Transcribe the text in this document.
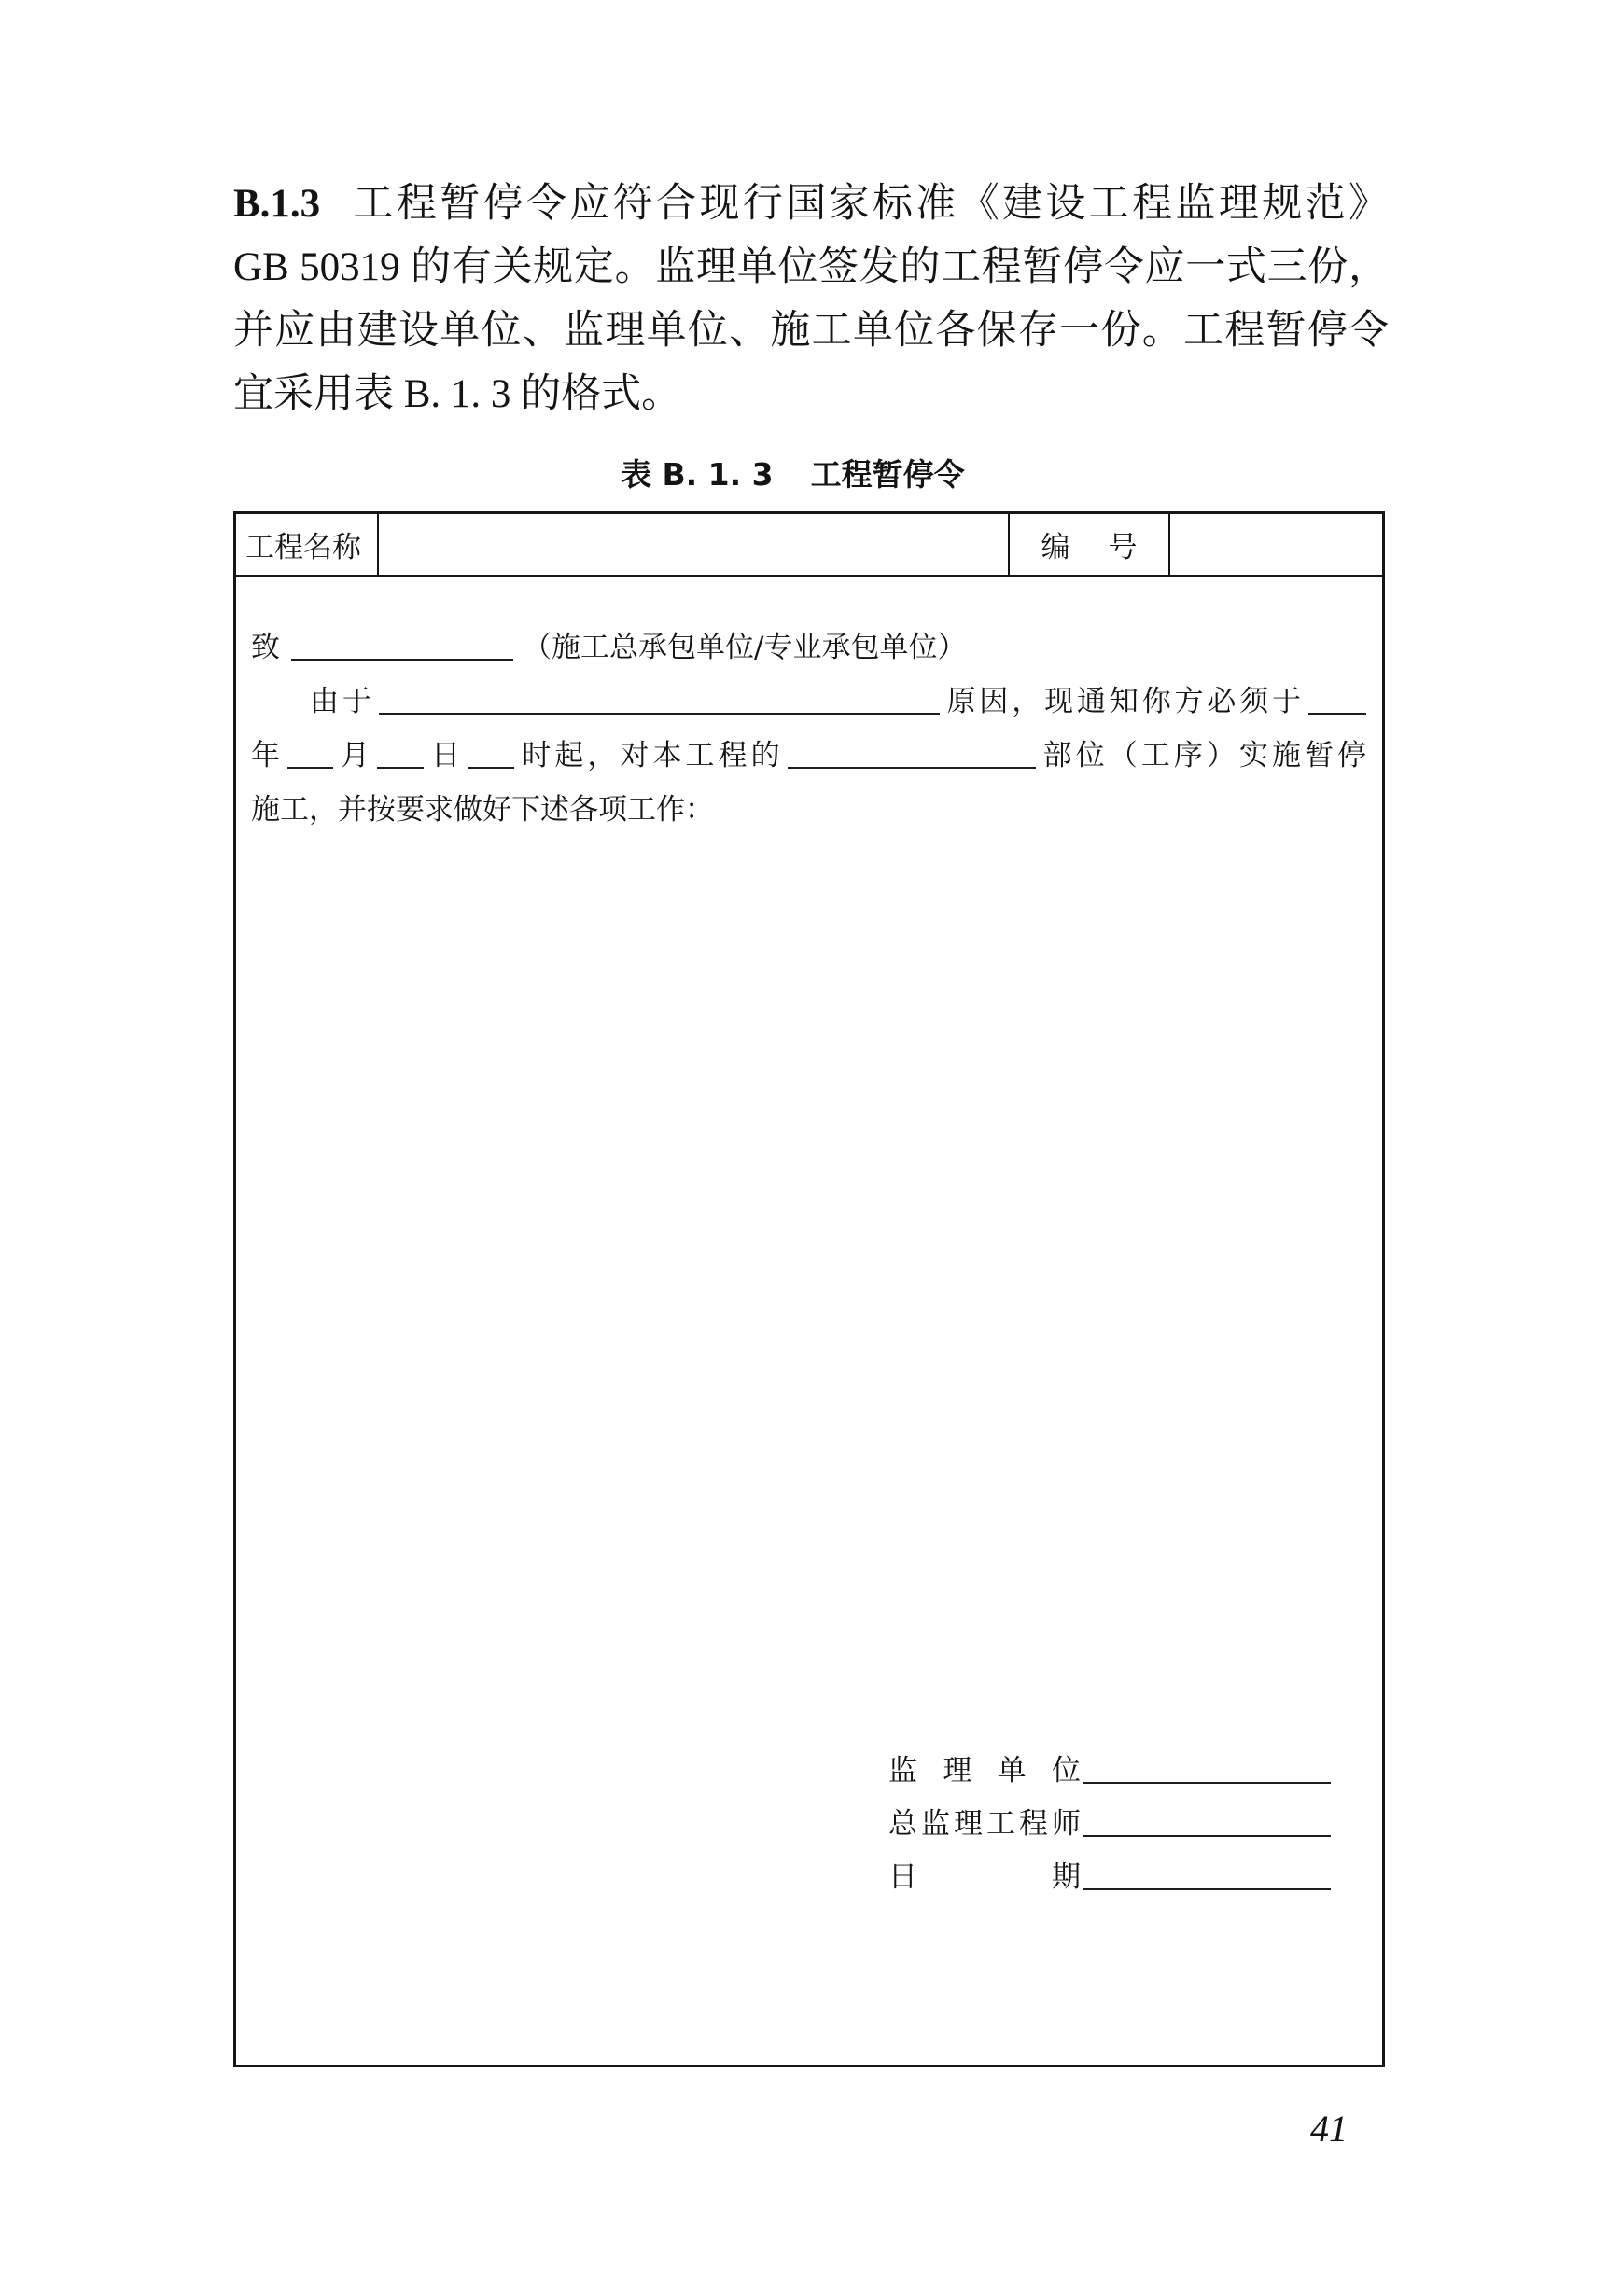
B.1.3 工程暂停令应符合现行国家标准《建设工程监理规范》
GB 50319 的有关规定。监理单位签发的工程暂停令应一式三份，
并应由建设单位、监理单位、施工单位各保存一份。工程暂停令
宜采用表 B. 1. 3 的格式。
表 B. 1. 3 工程暂停令
工程名称	编 号
致	（施工总承包单位/专业承包单位）
由于	原因，现通知你方必须于
年 月 日 时起，对本工程的	部位（工序）实施暂停
施工，并按要求做好下述各项工作：
监 理 单 位
总监理工程师
日 期
41
